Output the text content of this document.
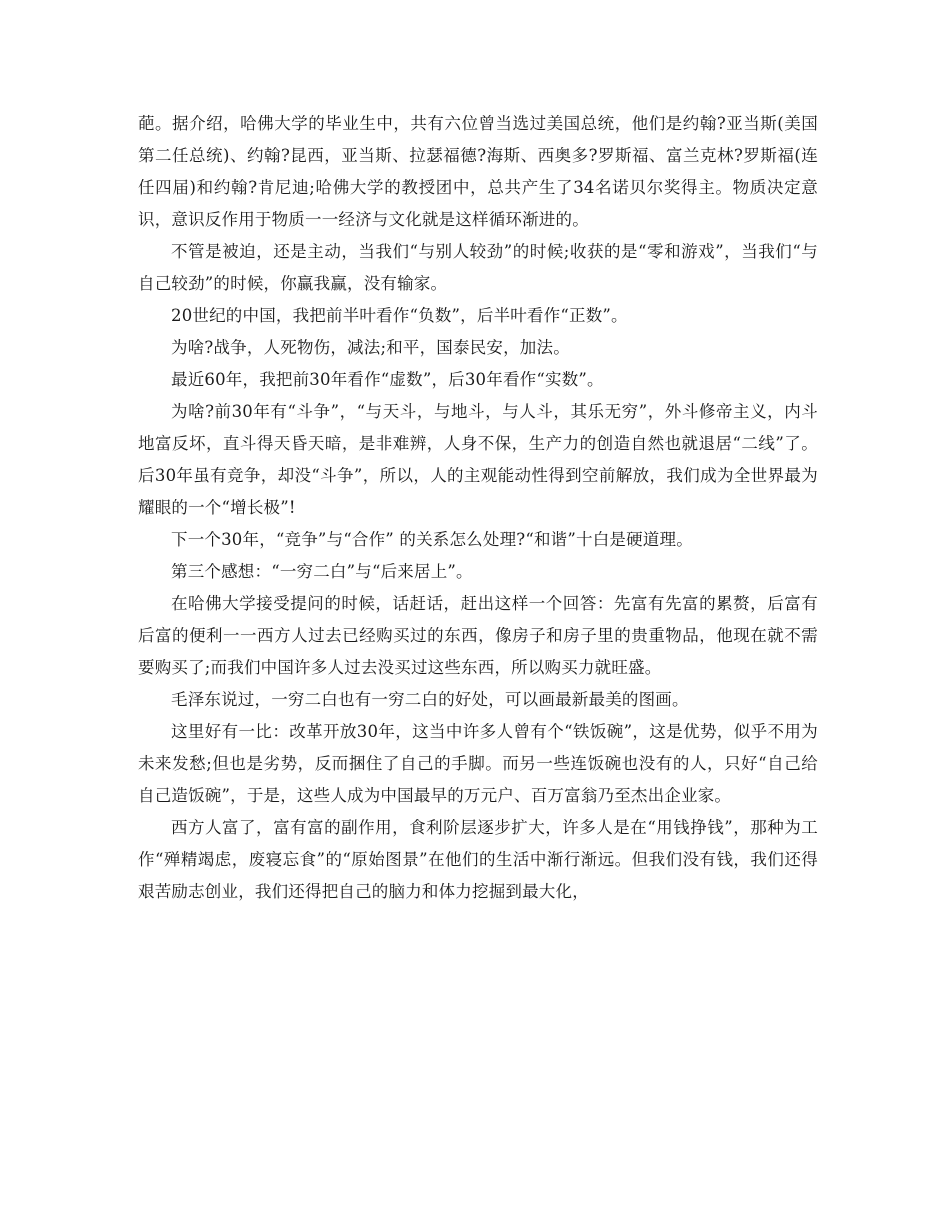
葩。据介绍，哈佛大学的毕业生中，共有六位曾当选过美国总统，他们是约翰?亚当斯(美国第二任总统)、约翰?昆西，亚当斯、拉瑟福德?海斯、西奥多?罗斯福、富兰克林?罗斯福(连任四届)和约翰?肯尼迪;哈佛大学的教授团中，总共产生了34名诺贝尔奖得主。物质决定意识，意识反作用于物质一一经济与文化就是这样循环渐进的。

不管是被迫，还是主动，当我们“与别人较劲”的时候;收获的是“零和游戏”，当我们“与自己较劲”的时候，你赢我赢，没有输家。

20世纪的中国，我把前半叶看作“负数”，后半叶看作“正数”。

为啥?战争，人死物伤，减法;和平，国泰民安，加法。

最近60年，我把前30年看作“虚数”，后30年看作“实数”。

为啥?前30年有“斗争”，“与天斗，与地斗，与人斗，其乐无穷”，外斗修帝主义，内斗地富反坏，直斗得天昏天暗，是非难辨，人身不保，生产力的创造自然也就退居“二线”了。后30年虽有竞争，却没“斗争”，所以，人的主观能动性得到空前解放，我们成为全世界最为耀眼的一个“增长极”!

下一个30年，“竞争”与“合作” 的关系怎么处理?“和谐”十白是硬道理。

第三个感想：“一穷二白”与“后来居上”。

在哈佛大学接受提问的时候，话赶话，赶出这样一个回答：先富有先富的累赘，后富有后富的便利一一西方人过去已经购买过的东西，像房子和房子里的贵重物品，他现在就不需要购买了;而我们中国许多人过去没买过这些东西，所以购买力就旺盛。

毛泽东说过，一穷二白也有一穷二白的好处，可以画最新最美的图画。

这里好有一比：改革开放30年，这当中许多人曾有个“铁饭碗”，这是优势，似乎不用为未来发愁;但也是劣势，反而捆住了自己的手脚。而另一些连饭碗也没有的人，只好“自己给自己造饭碗”，于是，这些人成为中国最早的万元户、百万富翁乃至杰出企业家。

西方人富了，富有富的副作用，食利阶层逐步扩大，许多人是在“用钱挣钱”，那种为工作“殚精竭虑，废寝忘食”的“原始图景”在他们的生活中渐行渐远。但我们没有钱，我们还得艰苦励志创业，我们还得把自己的脑力和体力挖掘到最大化，
